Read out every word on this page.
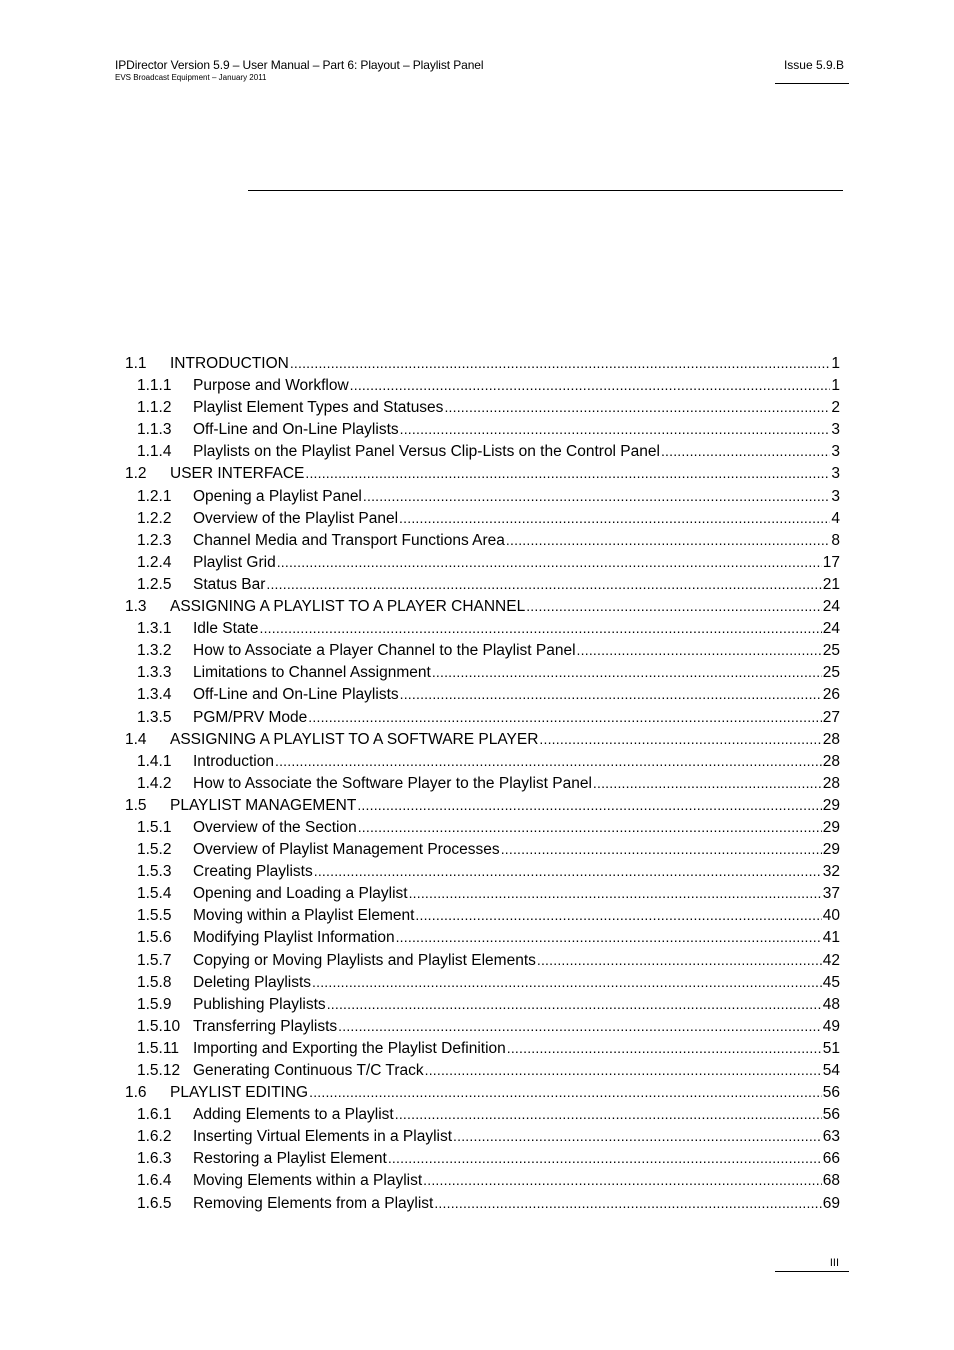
IPDirector Version 5.9 – User Manual – Part 6: Playout – Playlist Panel
EVS Broadcast Equipment – January 2011
Issue 5.9.B
1.1	INTRODUCTION .....	1
1.1.1	Purpose and Workflow .....	1
1.1.2	Playlist Element Types and Statuses .....	2
1.1.3	Off-Line and On-Line Playlists .....	3
1.1.4	Playlists on the Playlist Panel Versus Clip-Lists on the Control Panel .....	3
1.2	USER INTERFACE .....	3
1.2.1	Opening a Playlist Panel .....	3
1.2.2	Overview of the Playlist Panel .....	4
1.2.3	Channel Media and Transport Functions Area .....	8
1.2.4	Playlist Grid .....	17
1.2.5	Status Bar .....	21
1.3	ASSIGNING A PLAYLIST TO A PLAYER CHANNEL .....	24
1.3.1	Idle State .....	24
1.3.2	How to Associate a Player Channel to the Playlist Panel .....	25
1.3.3	Limitations to Channel Assignment .....	25
1.3.4	Off-Line and On-Line Playlists .....	26
1.3.5	PGM/PRV Mode .....	27
1.4	ASSIGNING A PLAYLIST TO A SOFTWARE PLAYER .....	28
1.4.1	Introduction .....	28
1.4.2	How to Associate the Software Player to the Playlist Panel .....	28
1.5	PLAYLIST MANAGEMENT .....	29
1.5.1	Overview of the Section .....	29
1.5.2	Overview of Playlist Management Processes .....	29
1.5.3	Creating Playlists .....	32
1.5.4	Opening and Loading a Playlist .....	37
1.5.5	Moving within a Playlist Element .....	40
1.5.6	Modifying Playlist Information .....	41
1.5.7	Copying or Moving Playlists and Playlist Elements .....	42
1.5.8	Deleting Playlists .....	45
1.5.9	Publishing Playlists .....	48
1.5.10 Transferring Playlists .....	49
1.5.11 Importing and Exporting the Playlist Definition .....	51
1.5.12 Generating Continuous T/C Track .....	54
1.6	PLAYLIST EDITING .....	56
1.6.1	Adding Elements to a Playlist .....	56
1.6.2	Inserting Virtual Elements in a Playlist .....	63
1.6.3	Restoring a Playlist Element .....	66
1.6.4	Moving Elements within a Playlist .....	68
1.6.5	Removing Elements from a Playlist .....	69
III
